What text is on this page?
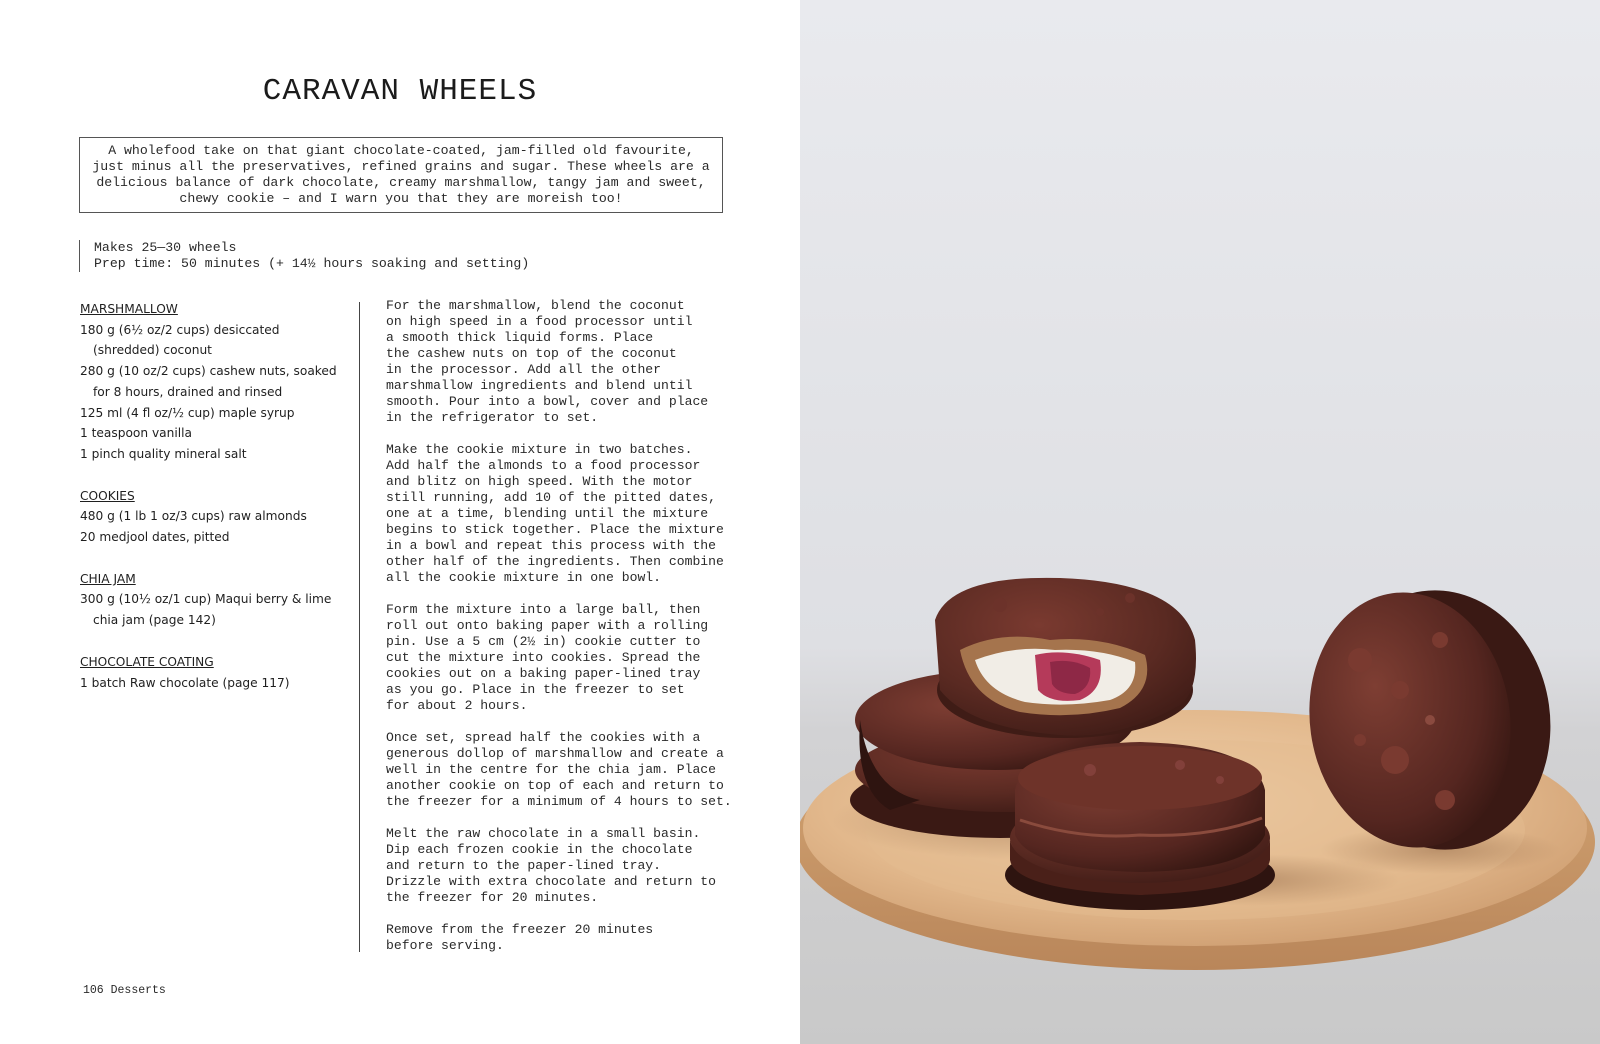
CARAVAN WHEELS

A wholefood take on that giant chocolate-coated, jam-filled old favourite,

just minus all the preservatives, refined grains and sugar. These wheels are a

delicious balance of dark chocolate, creamy marshmallow, tangy jam and sweet,

chewy cookie – and I warn you that they are moreish too!

Makes 25—30 wheels
Prep time: 50 minutes (+ 14½ hours soaking and setting)
MARSHMALLOW
180 g (6½ oz/2 cups) desiccated
(shredded) coconut
280 g (10 oz/2 cups) cashew nuts, soaked
for 8 hours, drained and rinsed
125 ml (4 fl oz/½ cup) maple syrup
1 teaspoon vanilla
1 pinch quality mineral salt
COOKIES
480 g (1 lb 1 oz/3 cups) raw almonds
20 medjool dates, pitted
CHIA JAM
300 g (10½ oz/1 cup) Maqui berry & lime
chia jam (page 142)
CHOCOLATE COATING
1 batch Raw chocolate (page 117)
For the marshmallow, blend the coconut
on high speed in a food processor until
a smooth thick liquid forms. Place
the cashew nuts on top of the coconut
in the processor. Add all the other
marshmallow ingredients and blend until
smooth. Pour into a bowl, cover and place
in the refrigerator to set.
Make the cookie mixture in two batches.
Add half the almonds to a food processor
and blitz on high speed. With the motor
still running, add 10 of the pitted dates,
one at a time, blending until the mixture
begins to stick together. Place the mixture
in a bowl and repeat this process with the
other half of the ingredients. Then combine
all the cookie mixture in one bowl.
Form the mixture into a large ball, then
roll out onto baking paper with a rolling
pin. Use a 5 cm (2½ in) cookie cutter to
cut the mixture into cookies. Spread the
cookies out on a baking paper-lined tray
as you go. Place in the freezer to set
for about 2 hours.
Once set, spread half the cookies with a
generous dollop of marshmallow and create a
well in the centre for the chia jam. Place
another cookie on top of each and return to
the freezer for a minimum of 4 hours to set.
Melt the raw chocolate in a small basin.
Dip each frozen cookie in the chocolate
and return to the paper-lined tray.
Drizzle with extra chocolate and return to
the freezer for 20 minutes.
Remove from the freezer 20 minutes
before serving.
106 Desserts
